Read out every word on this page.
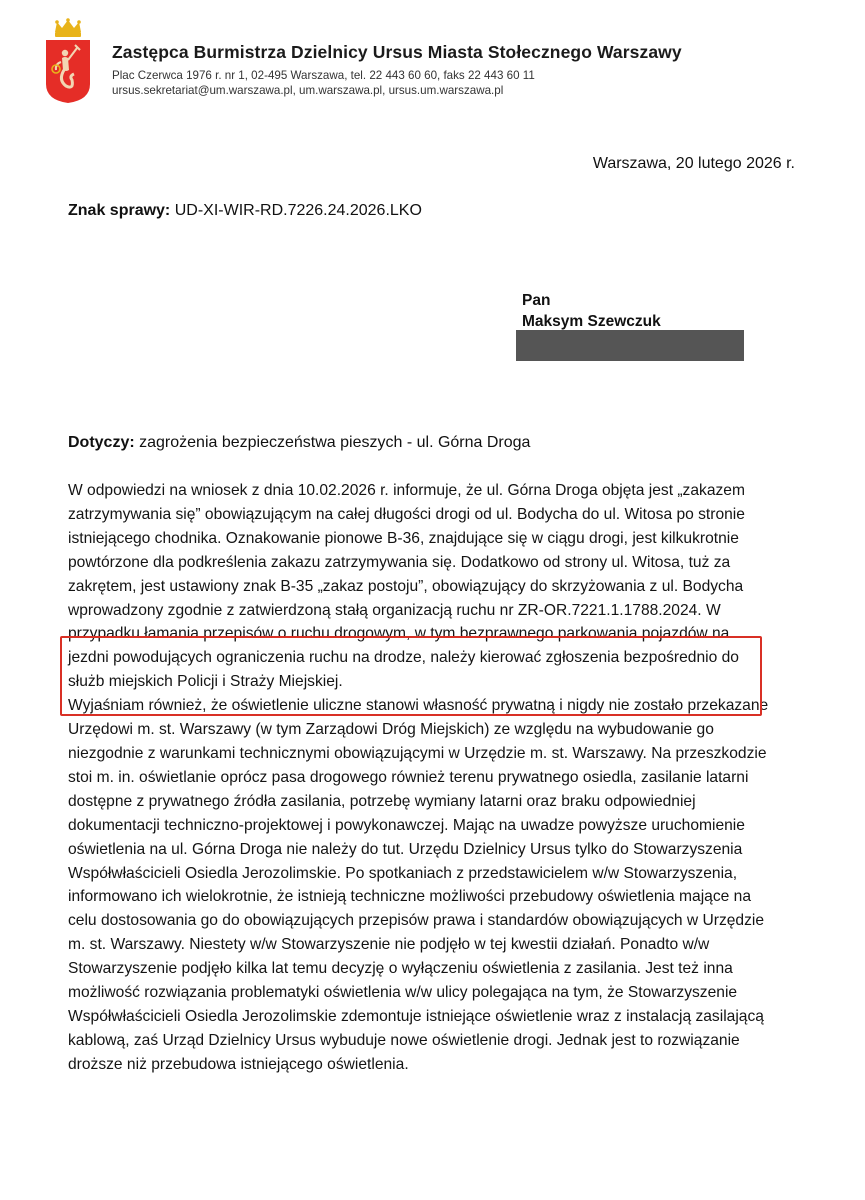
Zastępca Burmistrza Dzielnicy Ursus Miasta Stołecznego Warszawy
Plac Czerwca 1976 r. nr 1, 02-495 Warszawa, tel. 22 443 60 60, faks 22 443 60 11
ursus.sekretariat@um.warszawa.pl, um.warszawa.pl, ursus.um.warszawa.pl
Warszawa, 20 lutego 2026 r.
Znak sprawy: UD-XI-WIR-RD.7226.24.2026.LKO
Pan
Maksym Szewczuk
Dotyczy: zagrożenia bezpieczeństwa pieszych - ul. Górna Droga
W odpowiedzi na wniosek z dnia 10.02.2026 r. informuje, że ul. Górna Droga objęta jest „zakazem
zatrzymywania się” obowiązującym na całej długości drogi od ul. Bodycha do ul. Witosa po stronie
istniejącego chodnika. Oznakowanie pionowe B-36, znajdujące się w ciągu drogi, jest kilkukrotnie
powtórzone dla podkreślenia zakazu zatrzymywania się. Dodatkowo od strony ul. Witosa, tuż za
zakrętem, jest ustawiony znak B-35 „zakaz postoju”, obowiązujący do skrzyżowania z ul. Bodycha
wprowadzony zgodnie z zatwierdzoną stałą organizacją ruchu nr ZR-OR.7221.1.1788.2024. W
przypadku łamania przepisów o ruchu drogowym, w tym bezprawnego parkowania pojazdów na
jezdni powodujących ograniczenia ruchu na drodze, należy kierować zgłoszenia bezpośrednio do
służb miejskich Policji i Straży Miejskiej.
Wyjaśniam również, że oświetlenie uliczne stanowi własność prywatną i nigdy nie zostało przekazane
Urzędowi m. st. Warszawy (w tym Zarządowi Dróg Miejskich) ze względu na wybudowanie go
niezgodnie z warunkami technicznymi obowiązującymi w Urzędzie m. st. Warszawy. Na przeszkodzie
stoi m. in. oświetlanie oprócz pasa drogowego również terenu prywatnego osiedla, zasilanie latarni
dostępne z prywatnego źródła zasilania, potrzebę wymiany latarni oraz braku odpowiedniej
dokumentacji techniczno-projektowej i powykonawczej. Mając na uwadze powyższe uruchomienie
oświetlenia na ul. Górna Droga nie należy do tut. Urzędu Dzielnicy Ursus tylko do Stowarzyszenia
Współwłaścicieli Osiedla Jerozolimskie. Po spotkaniach z przedstawicielem w/w Stowarzyszenia,
informowano ich wielokrotnie, że istnieją techniczne możliwości przebudowy oświetlenia mające na
celu dostosowania go do obowiązujących przepisów prawa i standardów obowiązujących w Urzędzie
m. st. Warszawy. Niestety w/w Stowarzyszenie nie podjęło w tej kwestii działań. Ponadto w/w
Stowarzyszenie podjęło kilka lat temu decyzję o wyłączeniu oświetlenia z zasilania. Jest też inna
możliwość rozwiązania problematyki oświetlenia w/w ulicy polegająca na tym, że Stowarzyszenie
Współwłaścicieli Osiedla Jerozolimskie zdemontuje istniejące oświetlenie wraz z instalacją zasilającą
kablową, zaś Urząd Dzielnicy Ursus wybuduje nowe oświetlenie drogi. Jednak jest to rozwiązanie
droższe niż przebudowa istniejącego oświetlenia.
